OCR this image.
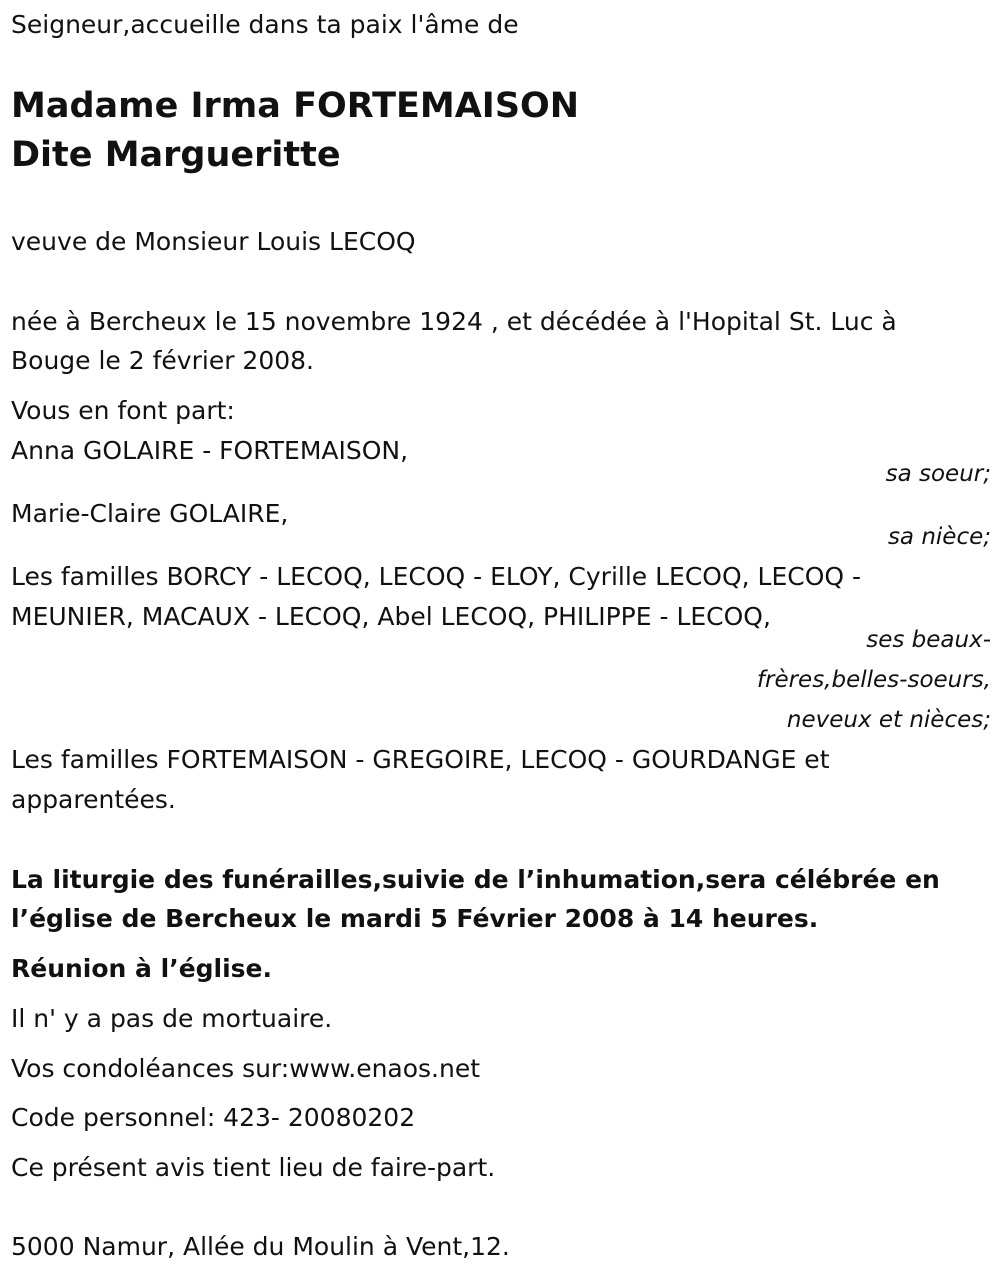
Seigneur,accueille dans ta paix l'âme de
Madame Irma FORTEMAISON
Dite Margueritte
veuve de Monsieur Louis LECOQ
née à Bercheux le 15 novembre 1924 , et décédée à l'Hopital St. Luc à
Bouge le 2 février 2008.
Vous en font part:
Anna GOLAIRE - FORTEMAISON,
sa soeur;
Marie-Claire GOLAIRE,
sa nièce;
Les familles BORCY - LECOQ, LECOQ - ELOY, Cyrille LECOQ, LECOQ -
MEUNIER, MACAUX - LECOQ, Abel LECOQ, PHILIPPE - LECOQ,
ses beaux-
frères,belles-soeurs,
neveux et nièces;
Les familles FORTEMAISON - GREGOIRE, LECOQ - GOURDANGE et
apparentées.
La liturgie des funérailles,suivie de l’inhumation,sera célébrée en
l’église de Bercheux le mardi 5 Février 2008 à 14 heures.
Réunion à l’église.
Il n' y a pas de mortuaire.
Vos condoléances sur:www.enaos.net
Code personnel: 423- 20080202
Ce présent avis tient lieu de faire-part.
5000 Namur, Allée du Moulin à Vent,12.
